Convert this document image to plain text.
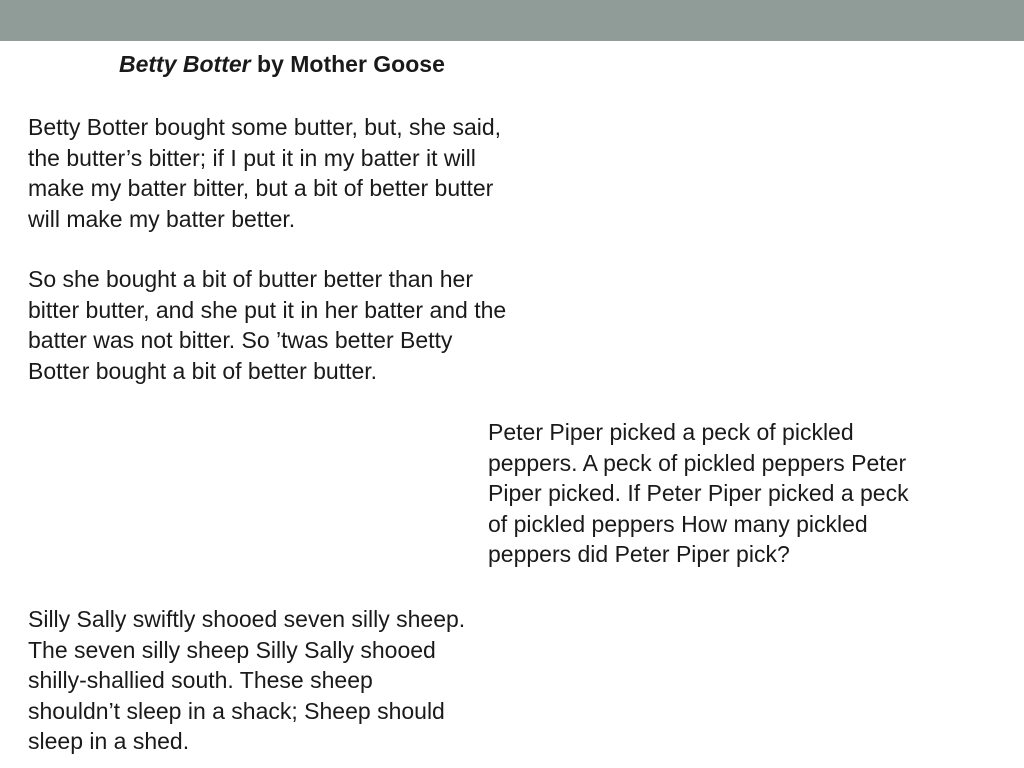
Betty Botter by Mother Goose

Betty Botter bought some butter, but, she said,
the butter’s bitter; if I put it in my batter it will
make my batter bitter, but a bit of better butter
will make my batter better.

So she bought a bit of butter better than her
bitter butter, and she put it in her batter and the
batter was not bitter. So ’twas better Betty
Botter bought a bit of better butter.

Peter Piper picked a peck of pickled
peppers. A peck of pickled peppers Peter
Piper picked. If Peter Piper picked a peck
of pickled peppers How many pickled
peppers did Peter Piper pick?

Silly Sally swiftly shooed seven silly sheep.
The seven silly sheep Silly Sally shooed
shilly-shallied south. These sheep
shouldn’t sleep in a shack; Sheep should
sleep in a shed.
